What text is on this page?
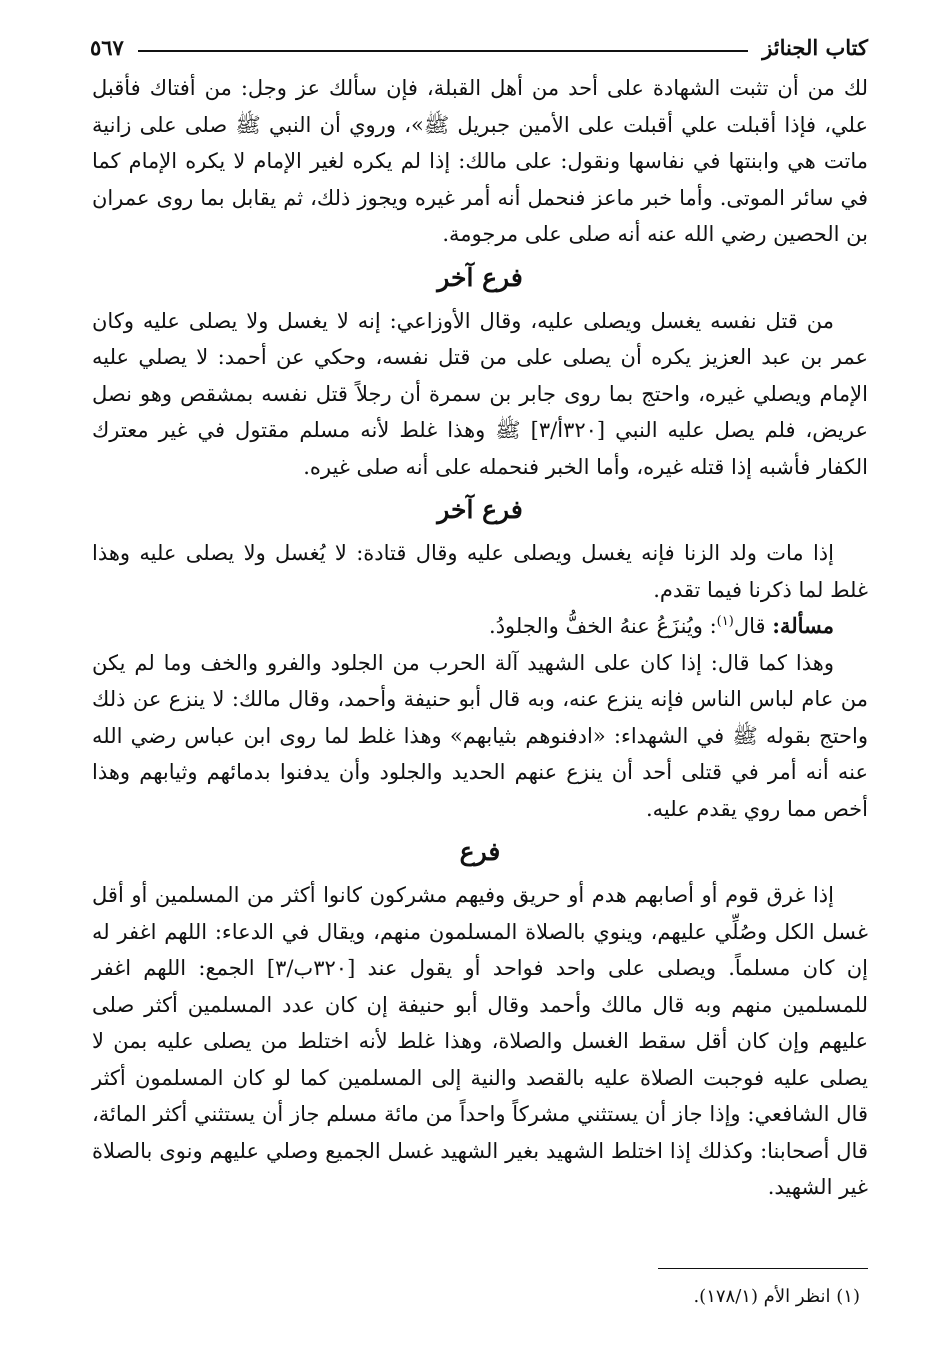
كتاب الجنائز
٥٦٧

لك من أن تثبت الشهادة على أحد من أهل القبلة، فإن سألك عز وجل: من أفتاك فأقبل علي، فإذا أقبلت علي أقبلت على الأمين جبريل ﷺ»، وروي أن النبي ﷺ صلى على زانية ماتت هي وابنتها في نفاسها ونقول: على مالك: إذا لم يكره لغير الإمام لا يكره الإمام كما في سائر الموتى. وأما خبر ماعز فنحمل أنه أمر غيره ويجوز ذلك، ثم يقابل بما روى عمران بن الحصين رضي الله عنه أنه صلى على مرجومة.

فرع آخر

من قتل نفسه يغسل ويصلى عليه، وقال الأوزاعي: إنه لا يغسل ولا يصلى عليه وكان عمر بن عبد العزيز يكره أن يصلى على من قتل نفسه، وحكي عن أحمد: لا يصلي عليه الإمام ويصلي غيره، واحتج بما روى جابر بن سمرة أن رجلاً قتل نفسه بمشقص وهو نصل عريض، فلم يصل عليه النبي [٣٢٠أ/٣] ﷺ وهذا غلط لأنه مسلم مقتول في غير معترك الكفار فأشبه إذا قتله غيره، وأما الخبر فنحمله على أنه صلى غيره.

فرع آخر

إذا مات ولد الزنا فإنه يغسل ويصلى عليه وقال قتادة: لا يُغسل ولا يصلى عليه وهذا غلط لما ذكرنا فيما تقدم.

مسألة: قال$^{(١)}$: ويُنزَعُ عنهُ الخفُّ والجلودُ.

وهذا كما قال: إذا كان على الشهيد آلة الحرب من الجلود والفرو والخف وما لم يكن من عام لباس الناس فإنه ينزع عنه، وبه قال أبو حنيفة وأحمد، وقال مالك: لا ينزع عن ذلك واحتج بقوله ﷺ في الشهداء: «ادفنوهم بثيابهم» وهذا غلط لما روى ابن عباس رضي الله عنه أنه أمر في قتلى أحد أن ينزع عنهم الحديد والجلود وأن يدفنوا بدمائهم وثيابهم وهذا أخص مما روي يقدم عليه.

فرع

إذا غرق قوم أو أصابهم هدم أو حريق وفيهم مشركون كانوا أكثر من المسلمين أو أقل غسل الكل وصُلِّي عليهم، وينوي بالصلاة المسلمون منهم، ويقال في الدعاء: اللهم اغفر له إن كان مسلماً. ويصلى على واحد فواحد أو يقول عند [٣٢٠ب/٣] الجمع: اللهم اغفر للمسلمين منهم وبه قال مالك وأحمد وقال أبو حنيفة إن كان عدد المسلمين أكثر صلى عليهم وإن كان أقل سقط الغسل والصلاة، وهذا غلط لأنه اختلط من يصلى عليه بمن لا يصلى عليه فوجبت الصلاة عليه بالقصد والنية إلى المسلمين كما لو كان المسلمون أكثر قال الشافعي: وإذا جاز أن يستثني مشركاً واحداً من مائة مسلم جاز أن يستثني أكثر المائة، قال أصحابنا: وكذلك إذا اختلط الشهيد بغير الشهيد غسل الجميع وصلي عليهم ونوى بالصلاة غير الشهيد.

(١) انظر الأم (١٧٨/١).
